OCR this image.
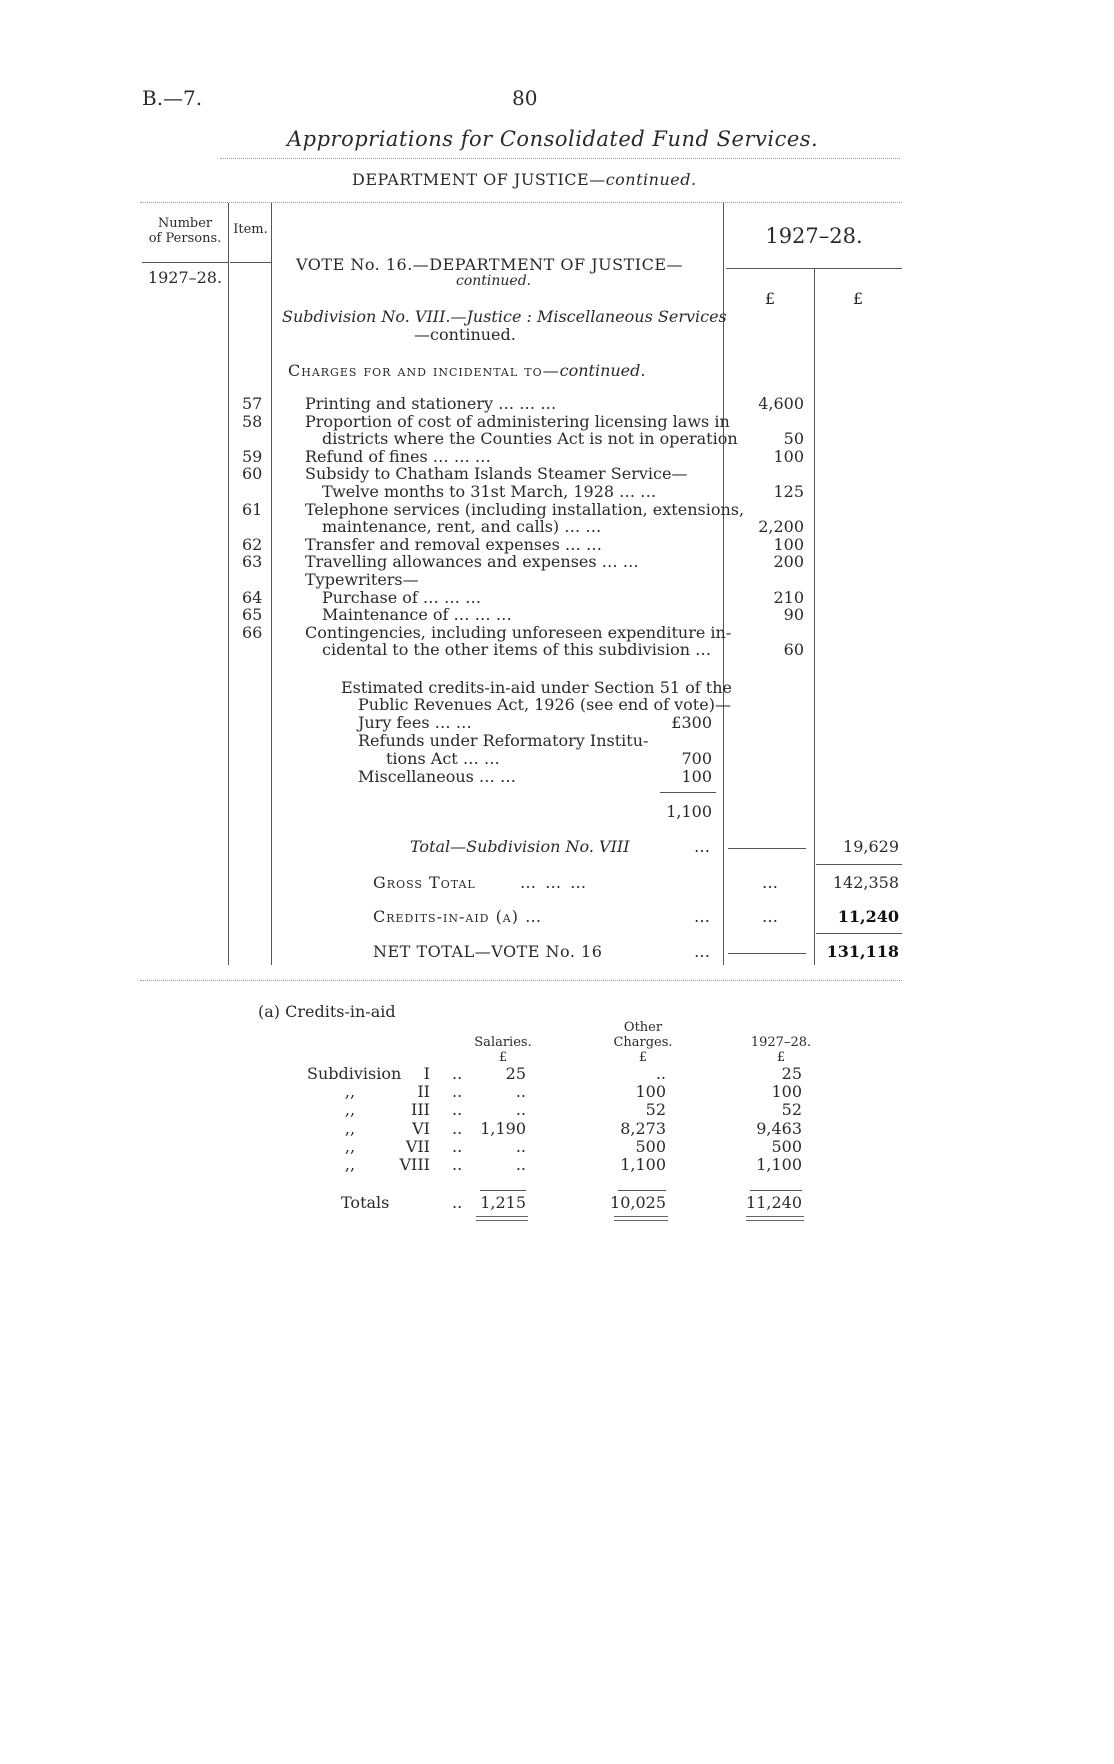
B.—7.	80
Appropriations for Consolidated Fund Services.
DEPARTMENT OF JUSTICE—continued.
Number
of Persons.
1927–28.
Item.	1927–28.
£	£
VOTE No. 16.—DEPARTMENT OF JUSTICE—
continued.
Subdivision No. VIII.—Justice : Miscellaneous Services
—continued.
Charges for and incidental to—continued.
57	Printing and stationery … … …	4,600
58	Proportion of cost of administering licensing laws in
districts where the Counties Act is not in operation	50
59	Refund of fines … … …	100
60	Subsidy to Chatham Islands Steamer Service—
Twelve months to 31st March, 1928 … …	125
61	Telephone services (including installation, extensions,
maintenance, rent, and calls) … …	2,200
62	Transfer and removal expenses … …	100
63	Travelling allowances and expenses … …	200
Typewriters—
64	Purchase of … … …	210
65	Maintenance of … … …	90
66	Contingencies, including unforeseen expenditure in-
cidental to the other items of this subdivision …	60
Estimated credits-in-aid under Section 51 of the
Public Revenues Act, 1926 (see end of vote)—
Jury fees … …	£300
Refunds under Reformatory Institu-
tions Act … …	700
Miscellaneous … …	100
1,100
Total—Subdivision No. VIII	…	19,629
Gross Total	… … …	…	142,358
Credits-in-aid (a) …	…	…	11,240
NET TOTAL—VOTE No. 16	…	131,118
(a) Credits-in-aid
Other
Salaries.	Charges.	1927–28.
£	£	£
Subdivision	I ..	25	..	25
,,	II ..	..	100	100
,,	III ..	..	52	52
,,	VI ..	1,190	8,273	9,463
,,	VII ..	..	500	500
,,	VIII ..	..	1,100	1,100
Totals	..	1,215	10,025	11,240
